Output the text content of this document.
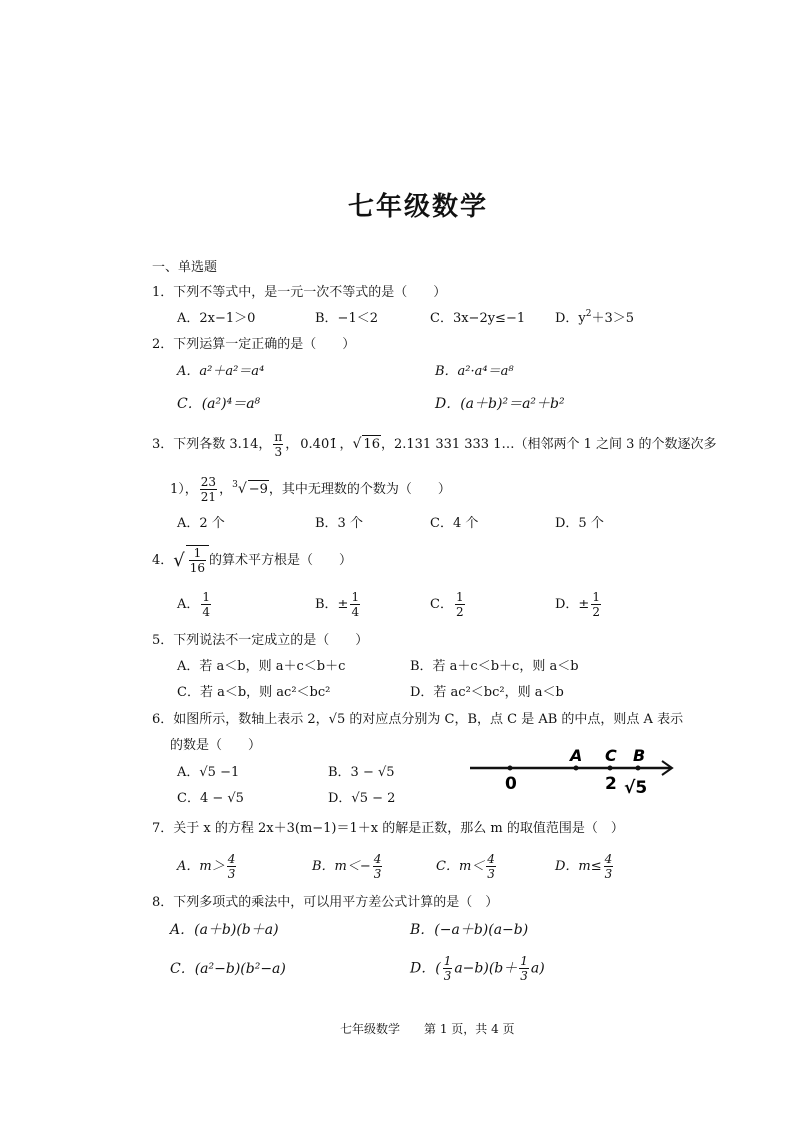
七年级数学
一、单选题
1．下列不等式中，是一元一次不等式的是（　　）
A．2x−1＞0	B．−1＜2	C．3x−2y≤−1 D．$y^2+3>5$
2．下列运算一定正确的是（　　）
A．a²＋a²＝a⁴	B．a²·a⁴＝a⁸
C．(a²)⁴＝a⁸	D．(a＋b)²＝a²＋b²
3．下列各数 3.14， $\frac{\pi}{3}$ ， 0.40̇1̇ ，√ 16，2.131 331 333 1…（相邻两个 1 之间 3 的个数逐次多
1）， $\frac{23}{21}$ ，$^3$√ −9，其中无理数的个数为（　　）
A．2 个	B．3 个	C．4 个	D．5 个
4．√ $\frac{1}{16}$ 的算术平方根是（　　）
A． $\frac{1}{4}$	B．± $\frac{1}{4}$	C． $\frac{1}{2}$	D．± $\frac{1}{2}$
5．下列说法不一定成立的是（　　）
A．若 a＜b，则 a＋c＜b＋c	B．若 a＋c＜b＋c，则 a＜b
C．若 a＜b，则 ac²＜bc²	D．若 ac²＜bc²，则 a＜b
6．如图所示，数轴上表示 2，√5 的对应点分别为 C，B，点 C 是 AB 的中点，则点 A 表示
的数是（　　）
A．√5 −1	B．3 − √5
C．4 − √5	D．√5 − 2
0
A C B
2 √5
7．关于 x 的方程 2x＋3(m−1)＝1＋x 的解是正数，那么 m 的取值范围是（　）
A．$m> \frac{4}{3}$	B．$m<- \frac{4}{3}$	C．$m< \frac{4}{3}$	D．$m\le \frac{4}{3}$
8．下列多项式的乘法中，可以用平方差公式计算的是（　）
A．(a＋b)(b＋a)	B．(−a＋b)(a−b)
C．(a²−b)(b²−a)	D．( $\frac{1}{3} a-b)(b+ \frac{1}{3} a)$
七年级数学　　第 1 页，共 4 页
